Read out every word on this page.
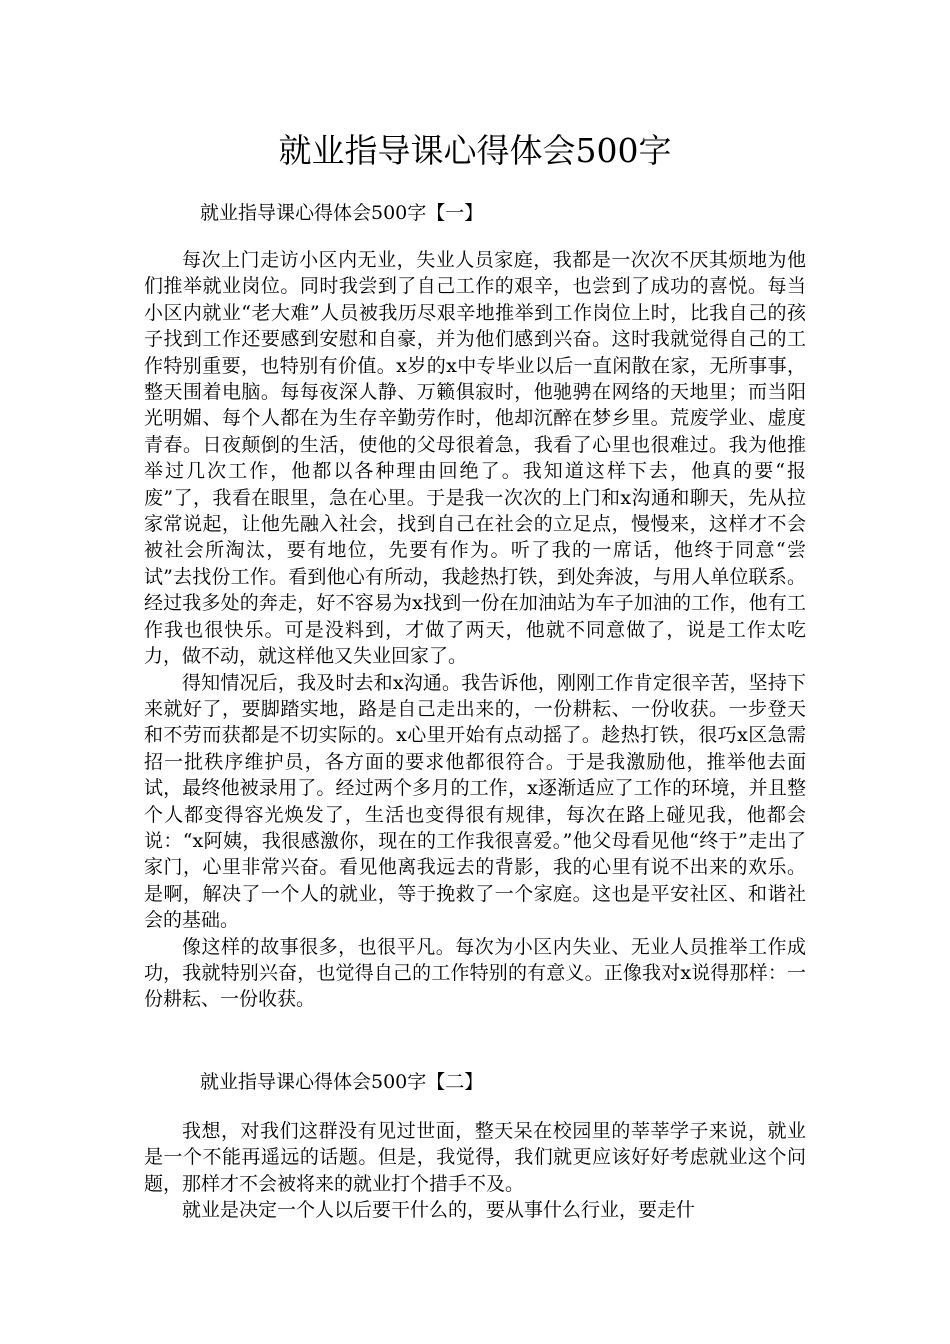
就业指导课心得体会500字
就业指导课心得体会500字【一】

每次上门走访小区内无业，失业人员家庭，我都是一次次不厌其烦地为他们推举就业岗位。同时我尝到了自己工作的艰辛，也尝到了成功的喜悦。每当小区内就业“老大难”人员被我历尽艰辛地推举到工作岗位上时，比我自己的孩子找到工作还要感到安慰和自豪，并为他们感到兴奋。这时我就觉得自己的工作特别重要，也特别有价值。x岁的x中专毕业以后一直闲散在家，无所事事，整天围着电脑。每每夜深人静、万籁俱寂时，他驰骋在网络的天地里；而当阳光明媚、每个人都在为生存辛勤劳作时，他却沉醉在梦乡里。荒废学业、虚度青春。日夜颠倒的生活，使他的父母很着急，我看了心里也很难过。我为他推举过几次工作，他都以各种理由回绝了。我知道这样下去，他真的要“报废”了，我看在眼里，急在心里。于是我一次次的上门和x沟通和聊天，先从拉家常说起，让他先融入社会，找到自己在社会的立足点，慢慢来，这样才不会被社会所淘汰，要有地位，先要有作为。听了我的一席话，他终于同意“尝试”去找份工作。看到他心有所动，我趁热打铁，到处奔波，与用人单位联系。经过我多处的奔走，好不容易为x找到一份在加油站为车子加油的工作，他有工作我也很快乐。可是没料到，才做了两天，他就不同意做了，说是工作太吃力，做不动，就这样他又失业回家了。

得知情况后，我及时去和x沟通。我告诉他，刚刚工作肯定很辛苦，坚持下来就好了，要脚踏实地，路是自己走出来的，一份耕耘、一份收获。一步登天和不劳而获都是不切实际的。x心里开始有点动摇了。趁热打铁，很巧x区急需招一批秩序维护员，各方面的要求他都很符合。于是我激励他，推举他去面试，最终他被录用了。经过两个多月的工作，x逐渐适应了工作的环境，并且整个人都变得容光焕发了，生活也变得很有规律，每次在路上碰见我，他都会说：“x阿姨，我很感激你，现在的工作我很喜爱。”他父母看见他“终于”走出了家门，心里非常兴奋。看见他离我远去的背影，我的心里有说不出来的欢乐。是啊，解决了一个人的就业，等于挽救了一个家庭。这也是平安社区、和谐社会的基础。

像这样的故事很多，也很平凡。每次为小区内失业、无业人员推举工作成功，我就特别兴奋，也觉得自己的工作特别的有意义。正像我对x说得那样：一份耕耘、一份收获。

就业指导课心得体会500字【二】

我想，对我们这群没有见过世面，整天呆在校园里的莘莘学子来说，就业是一个不能再遥远的话题。但是，我觉得，我们就更应该好好考虑就业这个问题，那样才不会被将来的就业打个措手不及。

就业是决定一个人以后要干什么的，要从事什么行业，要走什
